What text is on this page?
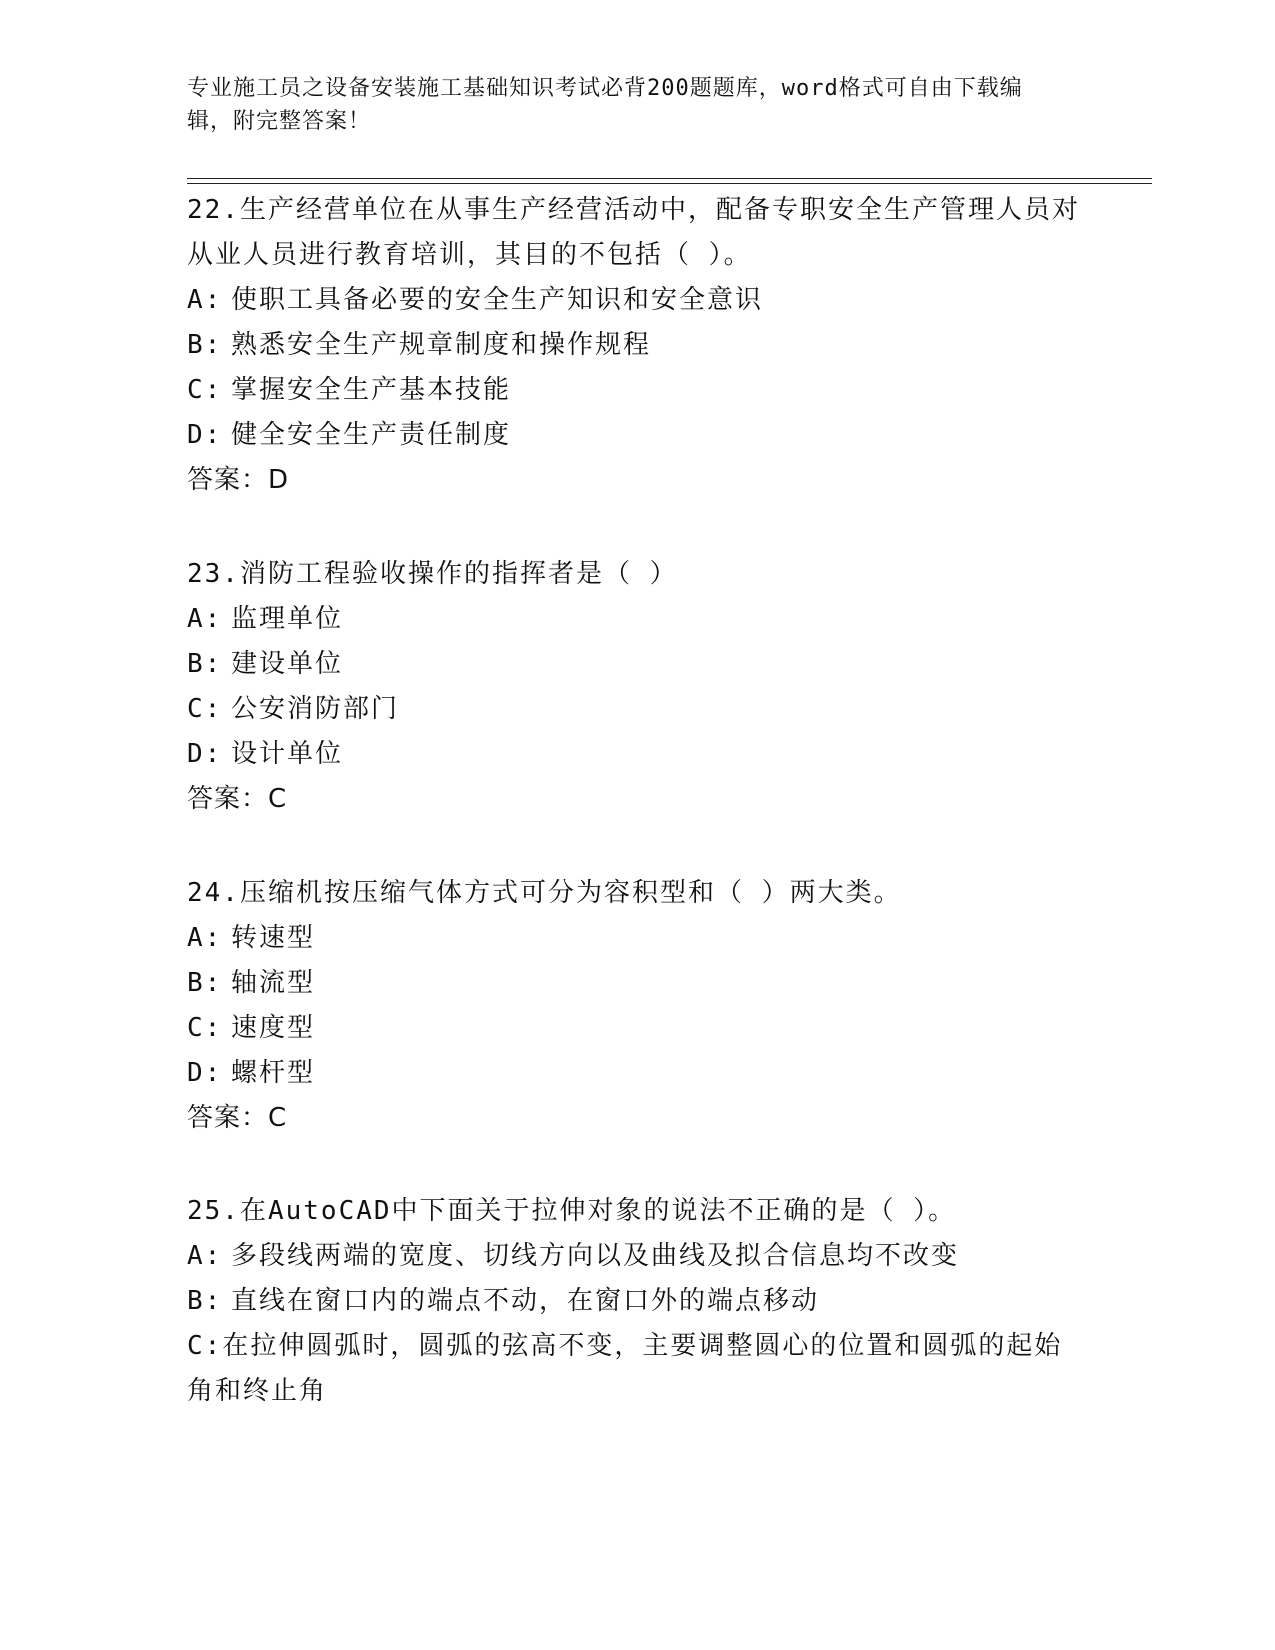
专业施工员之设备安装施工基础知识考试必背200题题库，word格式可自由下载编辑，附完整答案！

22.生产经营单位在从事生产经营活动中，配备专职安全生产管理人员对从业人员进行教育培训，其目的不包括（ ）。

A: 使职工具备必要的安全生产知识和安全意识

B: 熟悉安全生产规章制度和操作规程

C: 掌握安全生产基本技能

D: 健全安全生产责任制度

答案：D

23.消防工程验收操作的指挥者是（ ）

A: 监理单位

B: 建设单位

C: 公安消防部门

D: 设计单位

答案：C

24.压缩机按压缩气体方式可分为容积型和（ ）两大类。

A: 转速型

B: 轴流型

C: 速度型

D: 螺杆型

答案：C

25.在AutoCAD中下面关于拉伸对象的说法不正确的是（ ）。

A: 多段线两端的宽度、切线方向以及曲线及拟合信息均不改变

B: 直线在窗口内的端点不动，在窗口外的端点移动

C:在拉伸圆弧时，圆弧的弦高不变，主要调整圆心的位置和圆弧的起始角和终止角
